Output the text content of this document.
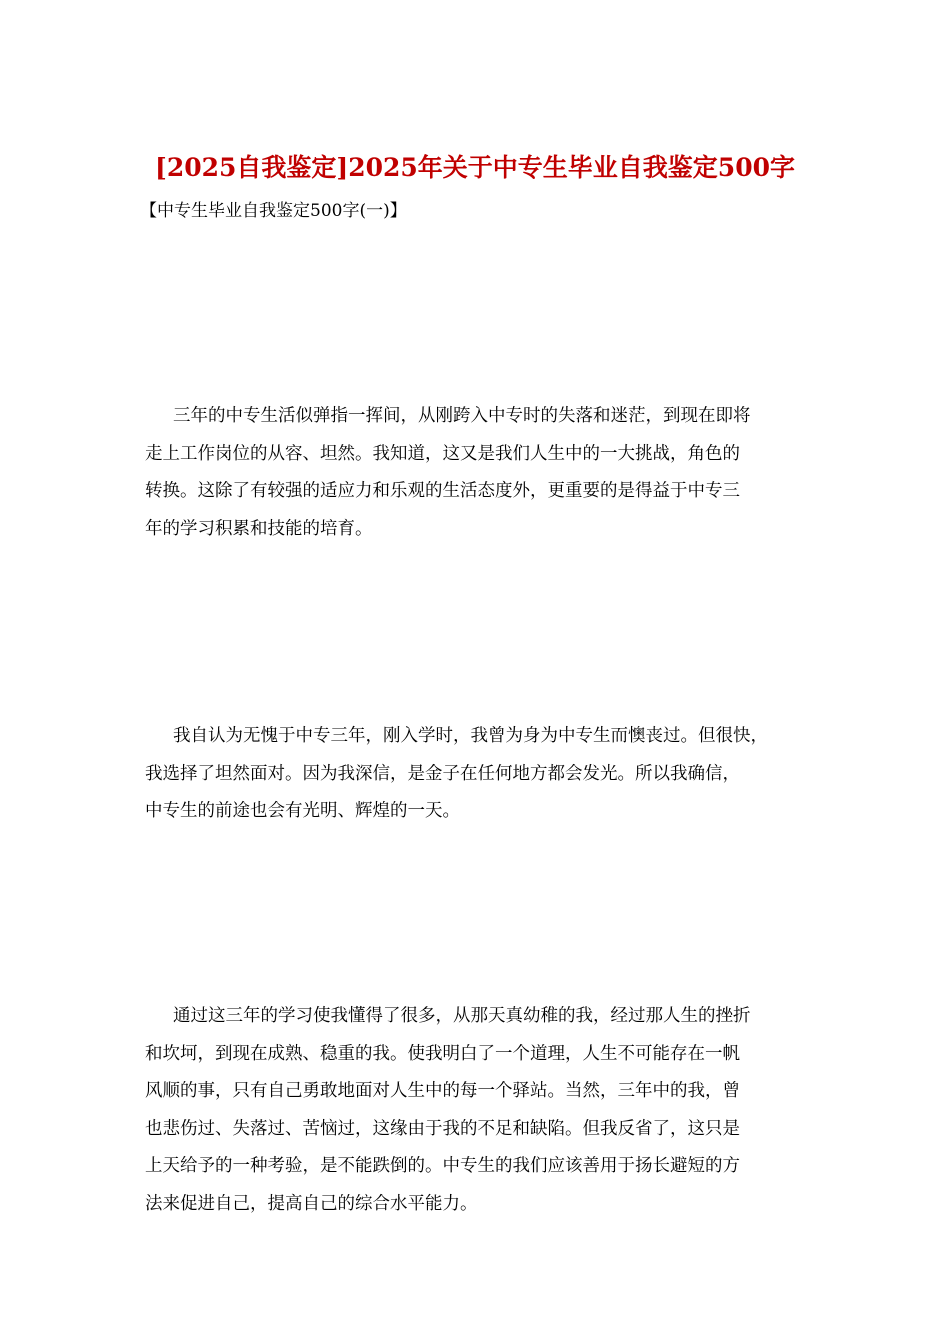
[2025自我鉴定]2025年关于中专生毕业自我鉴定500字
【中专生毕业自我鉴定500字(一)】
三年的中专生活似弹指一挥间，从刚跨入中专时的失落和迷茫，到现在即将
走上工作岗位的从容、坦然。我知道，这又是我们人生中的一大挑战，角色的
转换。这除了有较强的适应力和乐观的生活态度外，更重要的是得益于中专三
年的学习积累和技能的培育。
我自认为无愧于中专三年，刚入学时，我曾为身为中专生而懊丧过。但很快，
我选择了坦然面对。因为我深信，是金子在任何地方都会发光。所以我确信，
中专生的前途也会有光明、辉煌的一天。
通过这三年的学习使我懂得了很多，从那天真幼稚的我，经过那人生的挫折
和坎坷，到现在成熟、稳重的我。使我明白了一个道理，人生不可能存在一帆
风顺的事，只有自己勇敢地面对人生中的每一个驿站。当然，三年中的我，曾
也悲伤过、失落过、苦恼过，这缘由于我的不足和缺陷。但我反省了，这只是
上天给予的一种考验，是不能跌倒的。中专生的我们应该善用于扬长避短的方
法来促进自己，提高自己的综合水平能力。
